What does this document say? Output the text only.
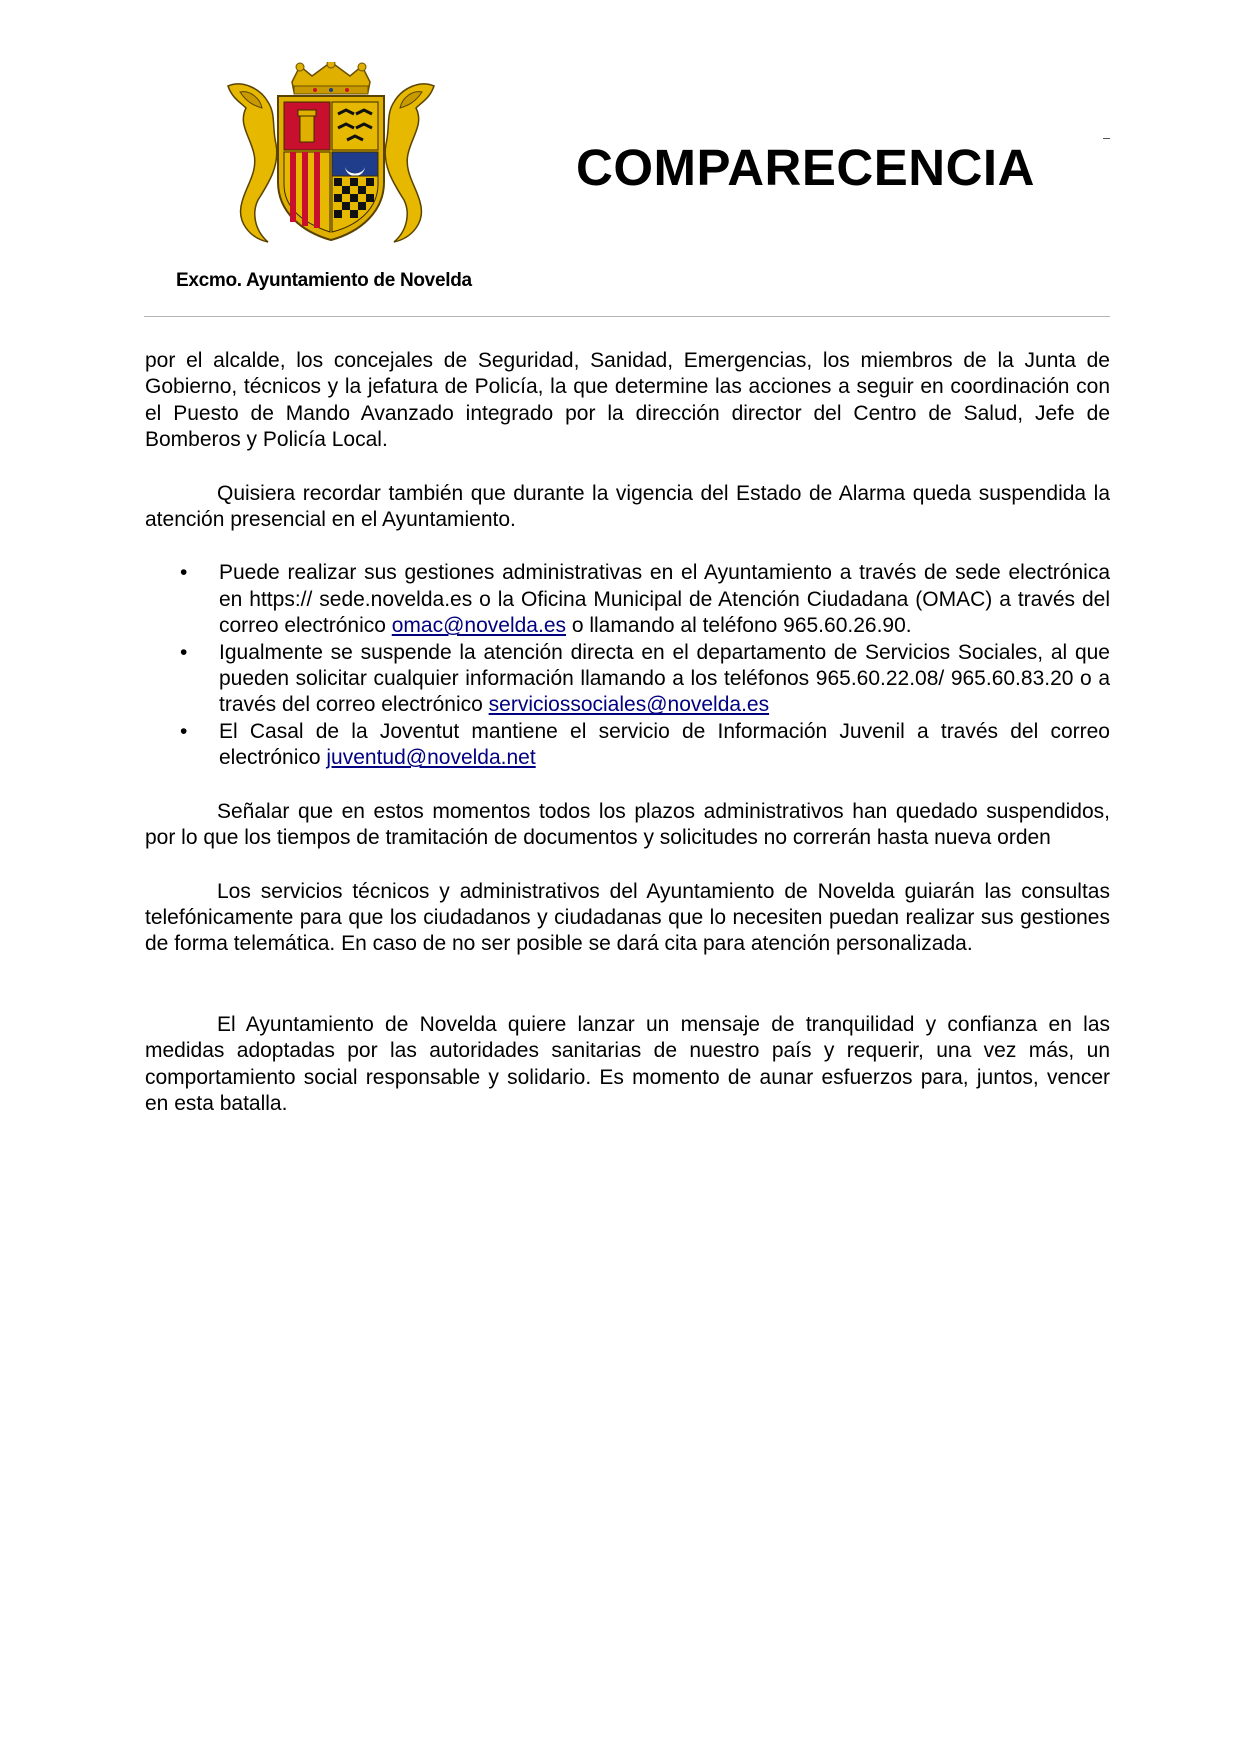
Excmo. Ayuntamiento de Novelda
COMPARECENCIA

por el alcalde, los concejales de Seguridad, Sanidad, Emergencias, los miembros de la Junta de Gobierno, técnicos y la jefatura de Policía, la que determine las acciones a seguir en coordinación con el Puesto de Mando Avanzado integrado por la dirección director del Centro de Salud, Jefe de Bomberos y Policía Local.

Quisiera recordar también que durante la vigencia del Estado de Alarma queda suspendida la atención presencial en el Ayuntamiento.

• Puede realizar sus gestiones administrativas en el Ayuntamiento a través de sede electrónica en https:// sede.novelda.es o la Oficina Municipal de Atención Ciudadana (OMAC) a través del correo electrónico omac@novelda.es o llamando al teléfono 965.60.26.90.
• Igualmente se suspende la atención directa en el departamento de Servicios Sociales, al que pueden solicitar cualquier información llamando a los teléfonos 965.60.22.08/ 965.60.83.20 o a través del correo electrónico serviciossociales@novelda.es
• El Casal de la Joventut mantiene el servicio de Información Juvenil a través del correo electrónico juventud@novelda.net

Señalar que en estos momentos todos los plazos administrativos han quedado suspendidos, por lo que los tiempos de tramitación de documentos y solicitudes no correrán hasta nueva orden

Los servicios técnicos y administrativos del Ayuntamiento de Novelda guiarán las consultas telefónicamente para que los ciudadanos y ciudadanas que lo necesiten puedan realizar sus gestiones de forma telemática. En caso de no ser posible se dará cita para atención personalizada.

El Ayuntamiento de Novelda quiere lanzar un mensaje de tranquilidad y confianza en las medidas adoptadas por las autoridades sanitarias de nuestro país y requerir, una vez más, un comportamiento social responsable y solidario. Es momento de aunar esfuerzos para, juntos, vencer en esta batalla.
